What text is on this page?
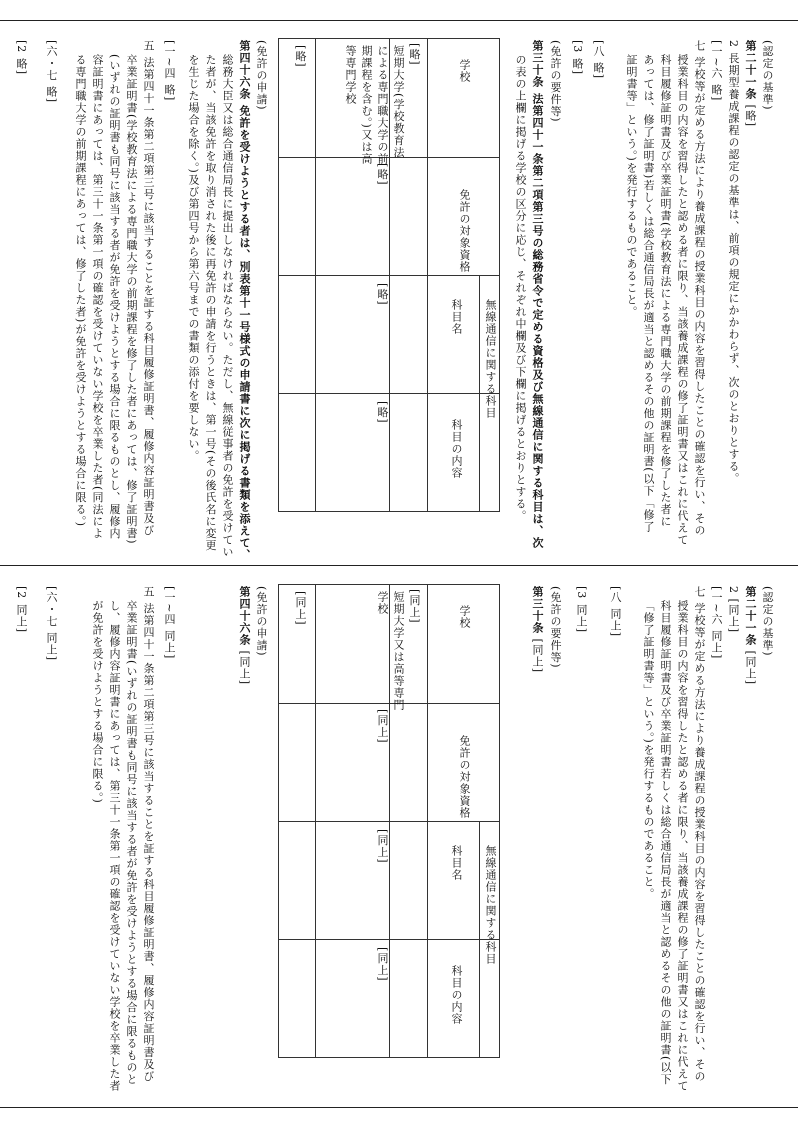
(認定の基準)
第二十一条 [略]
2 長期型養成課程の認定の基準は、前項の規定にかかわらず、次のとおりとする。
[一~六 略]
七 学校等が定める方法により養成課程の授業科目の内容を習得したことの確認を行い、その
授業科目の内容を習得したと認める者に限り、当該養成課程の修了証明書又はこれに代えて
科目履修証明書及び卒業証明書(学校教育法による専門職大学の前期課程を修了した者に
あっては、修了証明書)若しくは総合通信局長が適当と認めるその他の証明書(以下「修了
証明書等」という。)を発行するものであること。
[八 略]
[3 略]
(免許の要件等)
第三十条 法第四十一条第二項第三号の総務省令で定める資格及び無線通信に関する科目は、次
の表の上欄に掲げる学校の区分に応じ、それぞれ中欄及び下欄に掲げるとおりとする。
学校
免許の対象資格
無線通信に関する科目
科目名
科目の内容
[略]
短期大学(学校教育法
による専門職大学の前
期課程を含む。)又は高
等専門学校
[略]
[略]
[略]
[略]
(免許の申請)
第四十六条 免許を受けようとする者は、別表第十一号様式の申請書に次に掲げる書類を添えて、
総務大臣又は総合通信局長に提出しなければならない。ただし、無線従事者の免許を受けてい
た者が、当該免許を取り消された後に再免許の申請を行うときは、第一号(その後氏名に変更
を生じた場合を除く。)及び第四号から第六号までの書類の添付を要しない。
[一~四 略]
五 法第四十一条第二項第三号に該当することを証する科目履修証明書、履修内容証明書及び
卒業証明書(学校教育法による専門職大学の前期課程を修了した者にあっては、修了証明書)
(いずれの証明書も同号に該当する者が免許を受けようとする場合に限るものとし、履修内
容証明書にあっては、第三十一条第一項の確認を受けていない学校を卒業した者(同法によ
る専門職大学の前期課程にあっては、修了した者)が免許を受けようとする場合に限る。)
[六・七 略]
[2 略]
(認定の基準)
第二十一条 [同上]
2 [同上]
[一~六 同上]
七 学校等が定める方法により養成課程の授業科目の内容を習得したことの確認を行い、その
授業科目の内容を習得したと認める者に限り、当該養成課程の修了証明書又はこれに代えて
科目履修証明書及び卒業証明書若しくは総合通信局長が適当と認めるその他の証明書(以下
「修了証明書等」という。)を発行するものであること。
[八 同上]
[3 同上]
(免許の要件等)
第三十条 [同上]
学校
免許の対象資格
無線通信に関する科目
科目名
科目の内容
[同上]
短期大学又は高等専門
学校
[同上]
[同上]
[同上]
[同上]
(免許の申請)
第四十六条 [同上]
[一~四 同上]
五 法第四十一条第二項第三号に該当することを証する科目履修証明書、履修内容証明書及び
卒業証明書(いずれの証明書も同号に該当する者が免許を受けようとする場合に限るものと
し、履修内容証明書にあっては、第三十一条第一項の確認を受けていない学校を卒業した者
が免許を受けようとする場合に限る。)
[六・七 同上]
[2 同上]
